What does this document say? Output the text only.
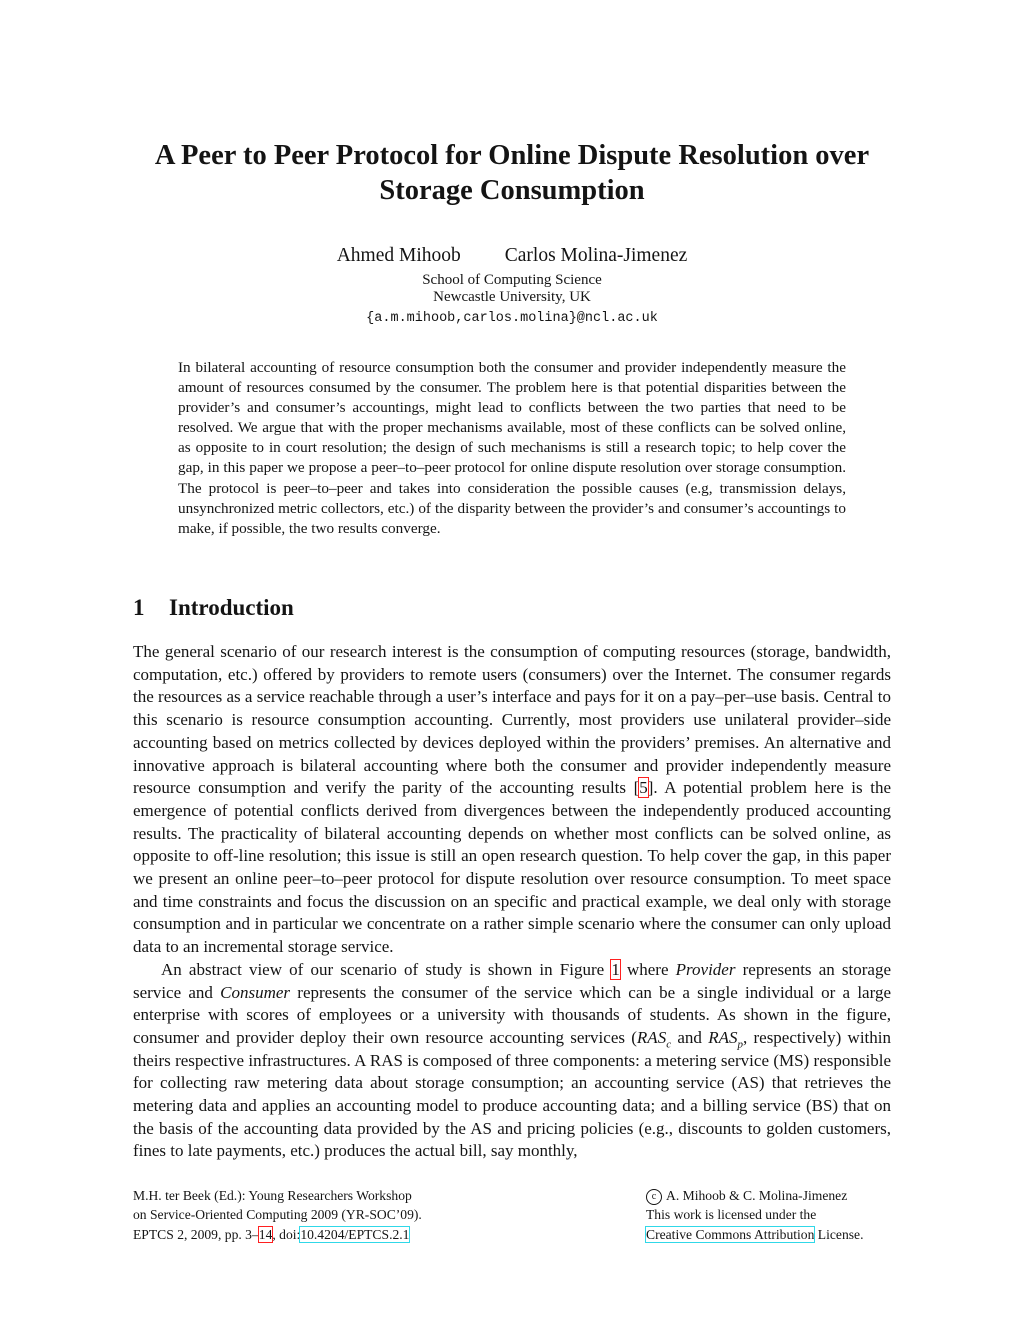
A Peer to Peer Protocol for Online Dispute Resolution over Storage Consumption
Ahmed Mihoob Carlos Molina-Jimenez
School of Computing Science
Newcastle University, UK
{a.m.mihoob,carlos.molina}@ncl.ac.uk
In bilateral accounting of resource consumption both the consumer and provider independently measure the amount of resources consumed by the consumer. The problem here is that potential disparities between the provider’s and consumer’s accountings, might lead to conflicts between the two parties that need to be resolved. We argue that with the proper mechanisms available, most of these conflicts can be solved online, as opposite to in court resolution; the design of such mechanisms is still a research topic; to help cover the gap, in this paper we propose a peer–to–peer protocol for online dispute resolution over storage consumption. The protocol is peer–to–peer and takes into consideration the possible causes (e.g, transmission delays, unsynchronized metric collectors, etc.) of the disparity between the provider’s and consumer’s accountings to make, if possible, the two results converge.
1 Introduction

The general scenario of our research interest is the consumption of computing resources (storage, bandwidth, computation, etc.) offered by providers to remote users (consumers) over the Internet. The consumer regards the resources as a service reachable through a user’s interface and pays for it on a pay–per–use basis. Central to this scenario is resource consumption accounting. Currently, most providers use unilateral provider–side accounting based on metrics collected by devices deployed within the providers’ premises. An alternative and innovative approach is bilateral accounting where both the consumer and provider independently measure resource consumption and verify the parity of the accounting results [5]. A potential problem here is the emergence of potential conflicts derived from divergences between the independently produced accounting results. The practicality of bilateral accounting depends on whether most conflicts can be solved online, as opposite to off-line resolution; this issue is still an open research question. To help cover the gap, in this paper we present an online peer–to–peer protocol for dispute resolution over resource consumption. To meet space and time constraints and focus the discussion on an specific and practical example, we deal only with storage consumption and in particular we concentrate on a rather simple scenario where the consumer can only upload data to an incremental storage service.

An abstract view of our scenario of study is shown in Figure 1 where Provider represents an storage service and Consumer represents the consumer of the service which can be a single individual or a large enterprise with scores of employees or a university with thousands of students. As shown in the figure, consumer and provider deploy their own resource accounting services ($RAS_c$ and $RAS_p$, respectively) within theirs respective infrastructures. A RAS is composed of three components: a metering service (MS) responsible for collecting raw metering data about storage consumption; an accounting service (AS) that retrieves the metering data and applies an accounting model to produce accounting data; and a billing service (BS) that on the basis of the accounting data provided by the AS and pricing policies (e.g., discounts to golden customers, fines to late payments, etc.) produces the actual bill, say monthly,

M.H. ter Beek (Ed.): Young Researchers Workshop
on Service-Oriented Computing 2009 (YR-SOC’09).
EPTCS 2, 2009, pp. 3–14, doi:10.4204/EPTCS.2.1
c A. Mihoob & C. Molina-Jimenez
This work is licensed under the
Creative Commons Attribution License.
